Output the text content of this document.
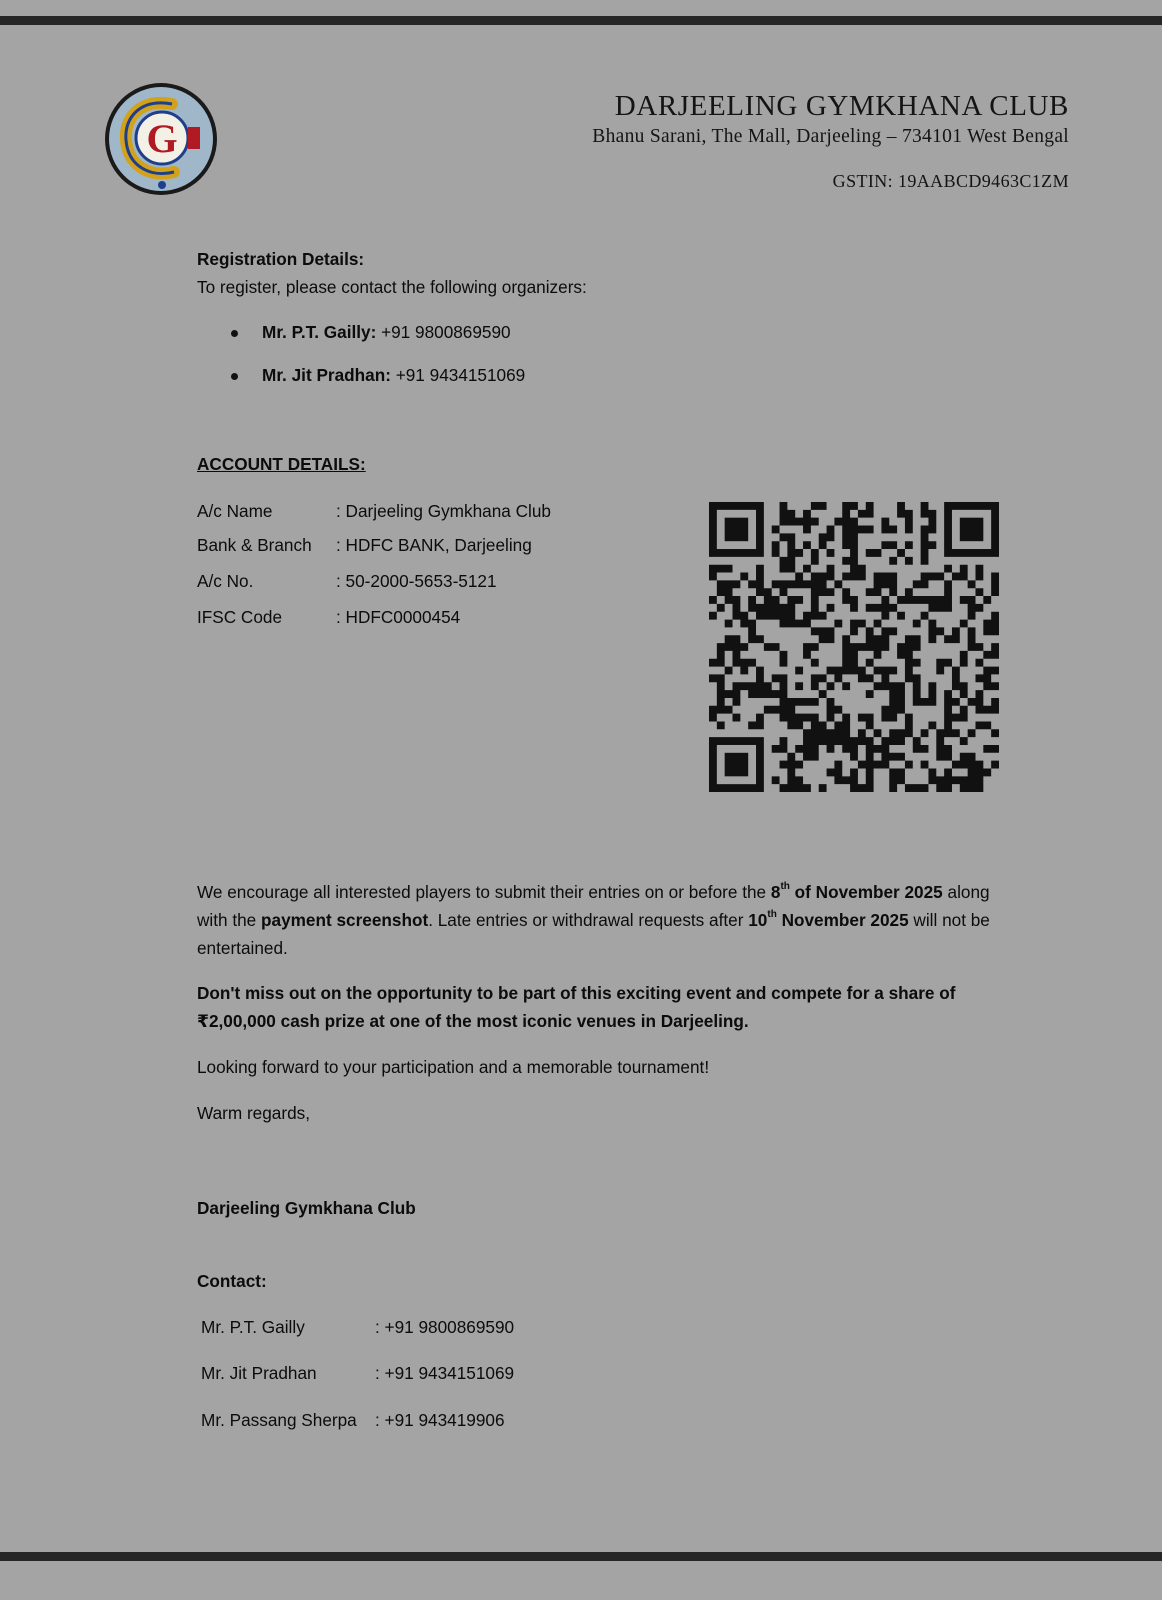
G
DARJEELING GYMKHANA CLUB
Bhanu Sarani, The Mall, Darjeeling – 734101 West Bengal
GSTIN: 19AABCD9463C1ZM
Registration Details:
To register, please contact the following organizers:
Mr. P.T. Gailly: +91 9800869590
Mr. Jit Pradhan: +91 9434151069
ACCOUNT DETAILS:
A/c Name	: Darjeeling Gymkhana Club
Bank & Branch : HDFC BANK, Darjeeling
A/c No.	: 50-2000-5653-5121
IFSC Code	: HDFC0000454
We encourage all interested players to submit their entries on or before the 8th of November 2025 along with the payment screenshot. Late entries or withdrawal requests after 10th November 2025 will not be entertained.
Don't miss out on the opportunity to be part of this exciting event and compete for a share of ₹2,00,000 cash prize at one of the most iconic venues in Darjeeling.
Looking forward to your participation and a memorable tournament!
Warm regards,
Darjeeling Gymkhana Club
Contact:
Mr. P.T. Gailly	: +91 9800869590
Mr. Jit Pradhan	: +91 9434151069
Mr. Passang Sherpa : +91 943419906
